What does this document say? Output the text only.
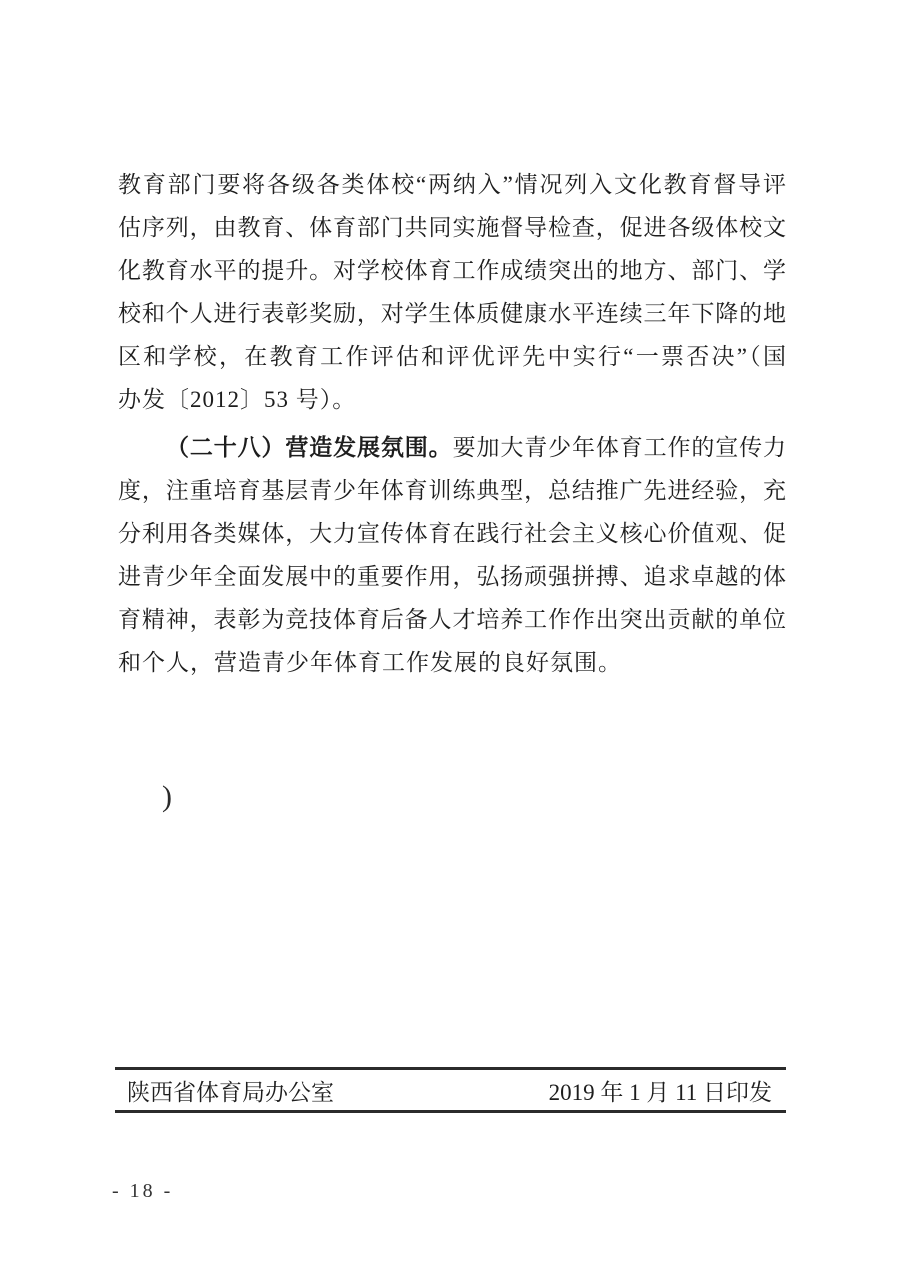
教育部门要将各级各类体校“两纳入”情况列入文化教育督导评
估序列，由教育、体育部门共同实施督导检查，促进各级体校文
化教育水平的提升。对学校体育工作成绩突出的地方、部门、学
校和个人进行表彰奖励，对学生体质健康水平连续三年下降的地
区和学校，在教育工作评估和评优评先中实行“一票否决”（国
办发〔2012〕53 号）。
（二十八）营造发展氛围。要加大青少年体育工作的宣传力
度，注重培育基层青少年体育训练典型，总结推广先进经验，充
分利用各类媒体，大力宣传体育在践行社会主义核心价值观、促
进青少年全面发展中的重要作用，弘扬顽强拼搏、追求卓越的体
育精神，表彰为竞技体育后备人才培养工作作出突出贡献的单位
和个人，营造青少年体育工作发展的良好氛围。
)
陕西省体育局办公室	2019 年 1 月 11 日印发
- 18 -
